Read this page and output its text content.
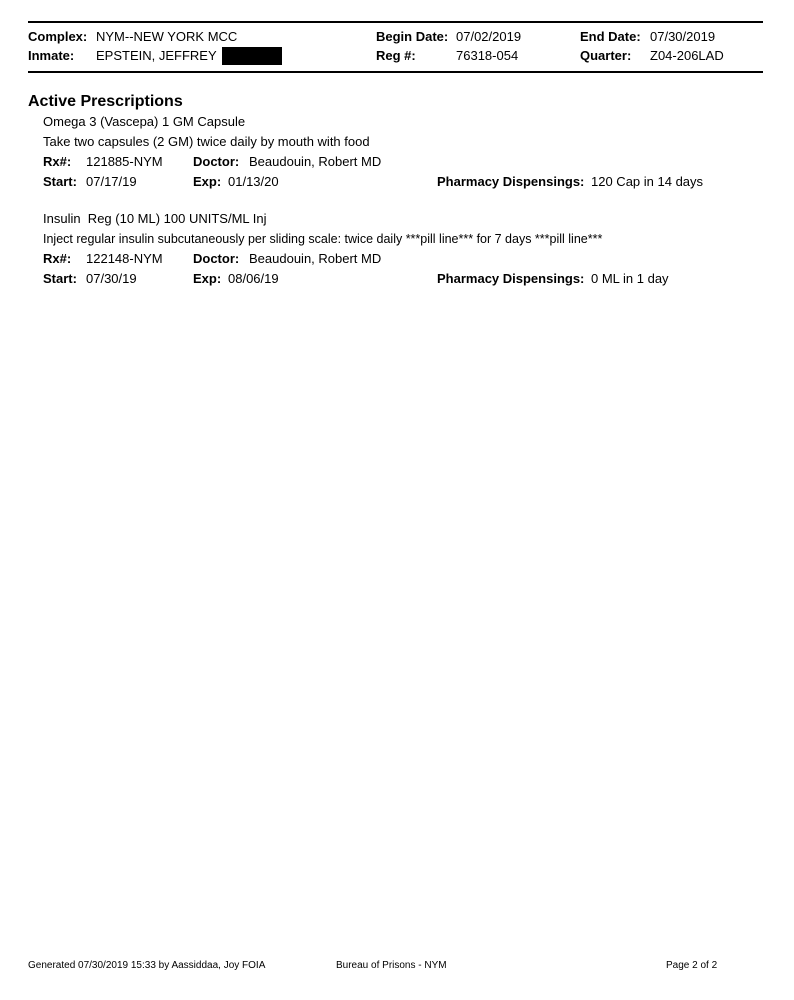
Complex: NYM--NEW YORK MCC
Inmate: EPSTEIN, JEFFREY
Begin Date: 07/02/2019
Reg #:	76318-054
End Date: 07/30/2019
Quarter: Z04-206LAD
Active Prescriptions
Omega 3 (Vascepa) 1 GM Capsule
Take two capsules (2 GM) twice daily by mouth with food
Rx#: 121885-NYM Doctor: Beaudouin, Robert MD
Start: 07/17/19	Exp: 01/13/20	Pharmacy Dispensings: 120 Cap in 14 days
Insulin  Reg (10 ML) 100 UNITS/ML Inj
Inject regular insulin subcutaneously per sliding scale: twice daily ***pill line*** for 7 days ***pill line***
Rx#: 122148-NYM Doctor: Beaudouin, Robert MD
Start: 07/30/19	Exp: 08/06/19	Pharmacy Dispensings: 0 ML in 1 day
Generated 07/30/2019 15:33 by Aassiddaa, Joy FOIA	Bureau of Prisons - NYM	Page 2 of 2
